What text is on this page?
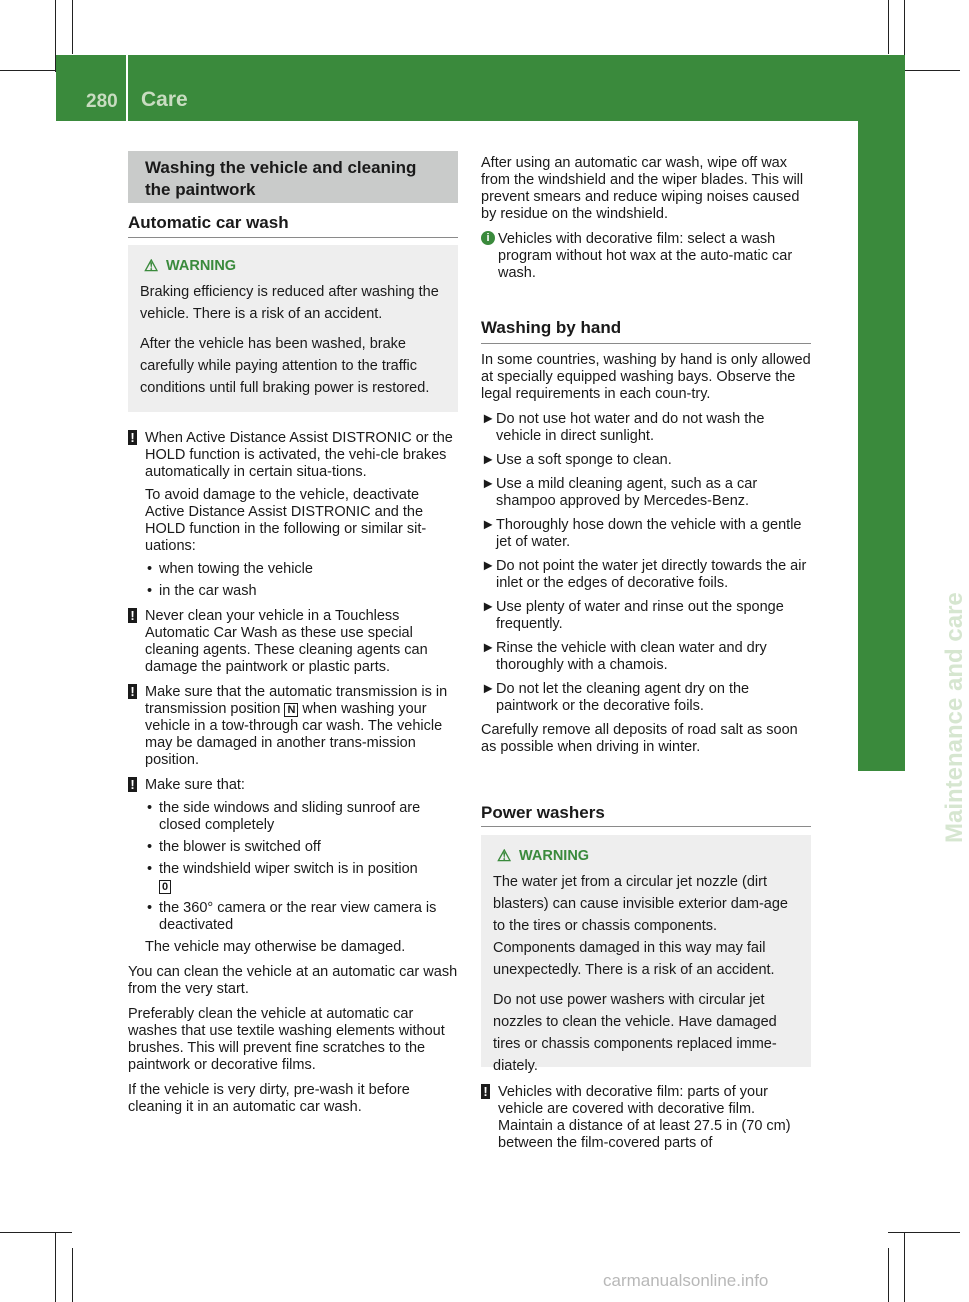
280 Care
Maintenance and care
Washing the vehicle and cleaning
the paintwork
Automatic car wash
⚠ WARNING

Braking efficiency is reduced after washing the vehicle. There is a risk of an accident.

After the vehicle has been washed, brake carefully while paying attention to the traffic conditions until full braking power is restored.

! When Active Distance Assist DISTRONIC or the HOLD function is activated, the vehi-cle brakes automatically in certain situa-tions.

To avoid damage to the vehicle, deactivate Active Distance Assist DISTRONIC and the HOLD function in the following or similar sit-uations:

• when towing the vehicle
• in the car wash
! Never clean your vehicle in a Touchless Automatic Car Wash as these use special cleaning agents. These cleaning agents can damage the paintwork or plastic parts.

! Make sure that the automatic transmission is in transmission position N when washing your vehicle in a tow-through car wash. The vehicle may be damaged in another trans-mission position.

! Make sure that:

• the side windows and sliding sunroof are closed completely
• the blower is switched off
• the windshield wiper switch is in position
0
• the 360° camera or the rear view camera is deactivated

The vehicle may otherwise be damaged.

You can clean the vehicle at an automatic car wash from the very start.

Preferably clean the vehicle at automatic car washes that use textile washing elements without brushes. This will prevent fine scratches to the paintwork or decorative films.

If the vehicle is very dirty, pre-wash it before cleaning it in an automatic car wash.

After using an automatic car wash, wipe off wax from the windshield and the wiper blades. This will prevent smears and reduce wiping noises caused by residue on the windshield.

i Vehicles with decorative film: select a wash program without hot wax at the auto-matic car wash.
Washing by hand

In some countries, washing by hand is only allowed at specially equipped washing bays. Observe the legal requirements in each coun-try.

► Do not use hot water and do not wash the vehicle in direct sunlight.
► Use a soft sponge to clean.
► Use a mild cleaning agent, such as a car shampoo approved by Mercedes-Benz.
► Thoroughly hose down the vehicle with a gentle jet of water.
► Do not point the water jet directly towards the air inlet or the edges of decorative foils.
► Use plenty of water and rinse out the sponge frequently.
► Rinse the vehicle with clean water and dry thoroughly with a chamois.
► Do not let the cleaning agent dry on the paintwork or the decorative foils.

Carefully remove all deposits of road salt as soon as possible when driving in winter.

Power washers
⚠ WARNING

The water jet from a circular jet nozzle (dirt blasters) can cause invisible exterior dam-age to the tires or chassis components. Components damaged in this way may fail unexpectedly. There is a risk of an accident.

Do not use power washers with circular jet nozzles to clean the vehicle. Have damaged tires or chassis components replaced imme-diately.

! Vehicles with decorative film: parts of your vehicle are covered with decorative film. Maintain a distance of at least 27.5 in (70 cm) between the film-covered parts of

carmanualsonline.info
